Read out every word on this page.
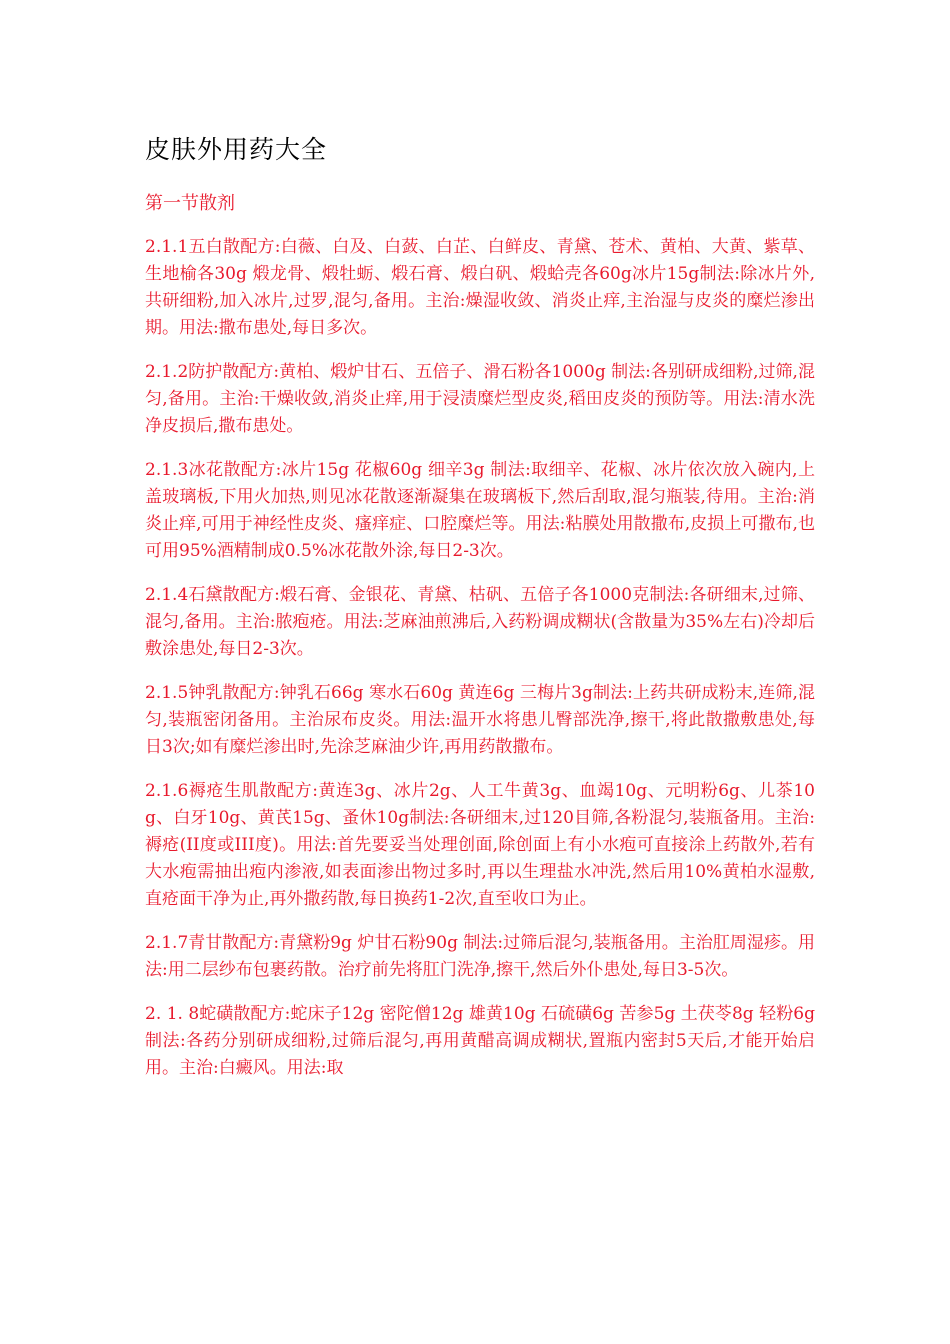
皮肤外用药大全
第一节散剂

2.1.1五白散配方:白薇、白及、白蔹、白芷、白鲜皮、青黛、苍术、黄柏、大黄、紫草、生地榆各30g 煅龙骨、煅牡蛎、煅石膏、煅白矾、煅蛤壳各60g冰片15g制法:除冰片外,共研细粉,加入冰片,过罗,混匀,备用。主治:燥湿收敛、消炎止痒,主治湿与皮炎的糜烂渗出期。用法:撒布患处,每日多次。

2.1.2防护散配方:黄柏、煅炉甘石、五倍子、滑石粉各1000g 制法:各别研成细粉,过筛,混匀,备用。主治:干燥收敛,消炎止痒,用于浸渍糜烂型皮炎,稻田皮炎的预防等。用法:清水洗净皮损后,撒布患处。

2.1.3冰花散配方:冰片15g 花椒60g 细辛3g 制法:取细辛、花椒、冰片依次放入碗内,上盖玻璃板,下用火加热,则见冰花散逐渐凝集在玻璃板下,然后刮取,混匀瓶装,待用。主治:消炎止痒,可用于神经性皮炎、瘙痒症、口腔糜烂等。用法:粘膜处用散撒布,皮损上可撒布,也可用95%酒精制成0.5%冰花散外涂,每日2-3次。

2.1.4石黛散配方:煅石膏、金银花、青黛、枯矾、五倍子各1000克制法:各研细末,过筛、混匀,备用。主治:脓疱疮。用法:芝麻油煎沸后,入药粉调成糊状(含散量为35%左右)冷却后敷涂患处,每日2-3次。

2.1.5钟乳散配方:钟乳石66g 寒水石60g 黄连6g 三梅片3g制法:上药共研成粉末,连筛,混匀,装瓶密闭备用。主治尿布皮炎。用法:温开水将患儿臀部洗净,擦干,将此散撒敷患处,每日3次;如有糜烂渗出时,先涂芝麻油少许,再用药散撒布。

2.1.6褥疮生肌散配方:黄连3g、冰片2g、人工牛黄3g、血竭10g、元明粉6g、儿茶10g、白牙10g、黄芪15g、蚤休10g制法:各研细末,过120目筛,各粉混匀,装瓶备用。主治:褥疮(II度或III度)。用法:首先要妥当处理创面,除创面上有小水疱可直接涂上药散外,若有大水疱需抽出疱内渗液,如表面渗出物过多时,再以生理盐水冲洗,然后用10%黄柏水湿敷,直疮面干净为止,再外撒药散,每日换药1-2次,直至收口为止。

2.1.7青甘散配方:青黛粉9g 炉甘石粉90g 制法:过筛后混匀,装瓶备用。主治肛周湿疹。用法:用二层纱布包裹药散。治疗前先将肛门洗净,擦干,然后外仆患处,每日3-5次。

2. 1. 8蛇磺散配方:蛇床子12g 密陀僧12g 雄黄10g 石硫磺6g 苦参5g 土茯苓8g 轻粉6g 制法:各药分别研成细粉,过筛后混匀,再用黄醋高调成糊状,置瓶内密封5天后,才能开始启用。主治:白癜风。用法:取
